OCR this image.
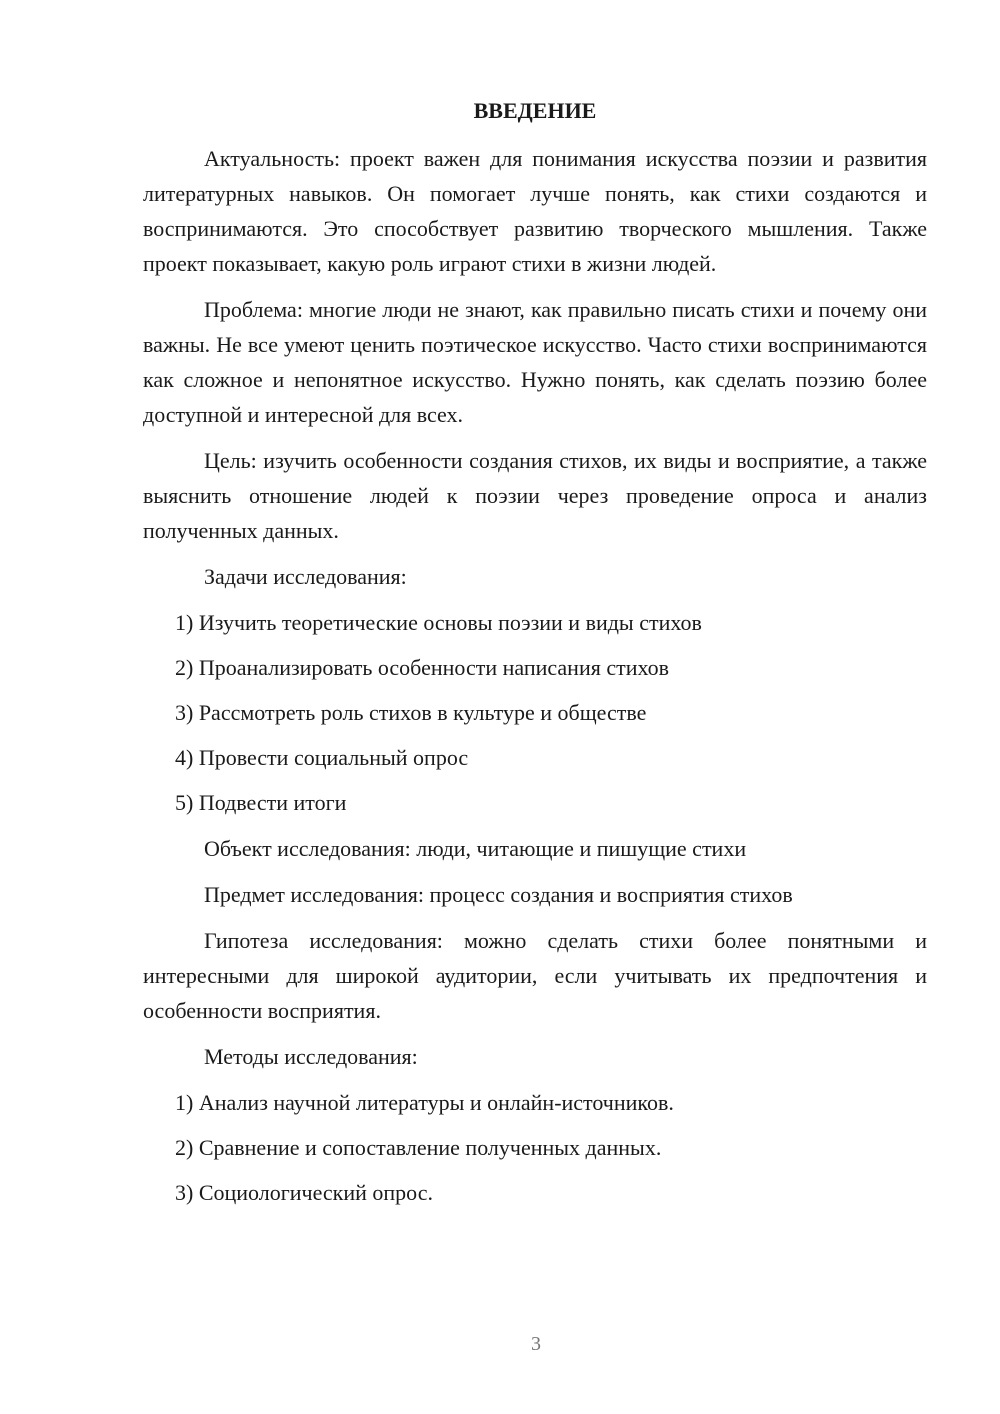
ВВЕДЕНИЕ

Актуальность: проект важен для понимания искусства поэзии и развития литературных навыков. Он помогает лучше понять, как стихи создаются и воспринимаются. Это способствует развитию творческого мышления. Также проект показывает, какую роль играют стихи в жизни людей.

Проблема: многие люди не знают, как правильно писать стихи и почему они важны. Не все умеют ценить поэтическое искусство. Часто стихи воспринимаются как сложное и непонятное искусство. Нужно понять, как сделать поэзию более доступной и интересной для всех.

Цель: изучить особенности создания стихов, их виды и восприятие, а также выяснить отношение людей к поэзии через проведение опроса и анализ полученных данных.

Задачи исследования:

1) Изучить теоретические основы поэзии и виды стихов
2) Проанализировать особенности написания стихов
3) Рассмотреть роль стихов в культуре и обществе
4) Провести социальный опрос
5) Подвести итоги

Объект исследования: люди, читающие и пишущие стихи

Предмет исследования: процесс создания и восприятия стихов

Гипотеза исследования: можно сделать стихи более понятными и интересными для широкой аудитории, если учитывать их предпочтения и особенности восприятия.

Методы исследования:

1) Анализ научной литературы и онлайн-источников.
2) Сравнение и сопоставление полученных данных.
3) Социологический опрос.
3
